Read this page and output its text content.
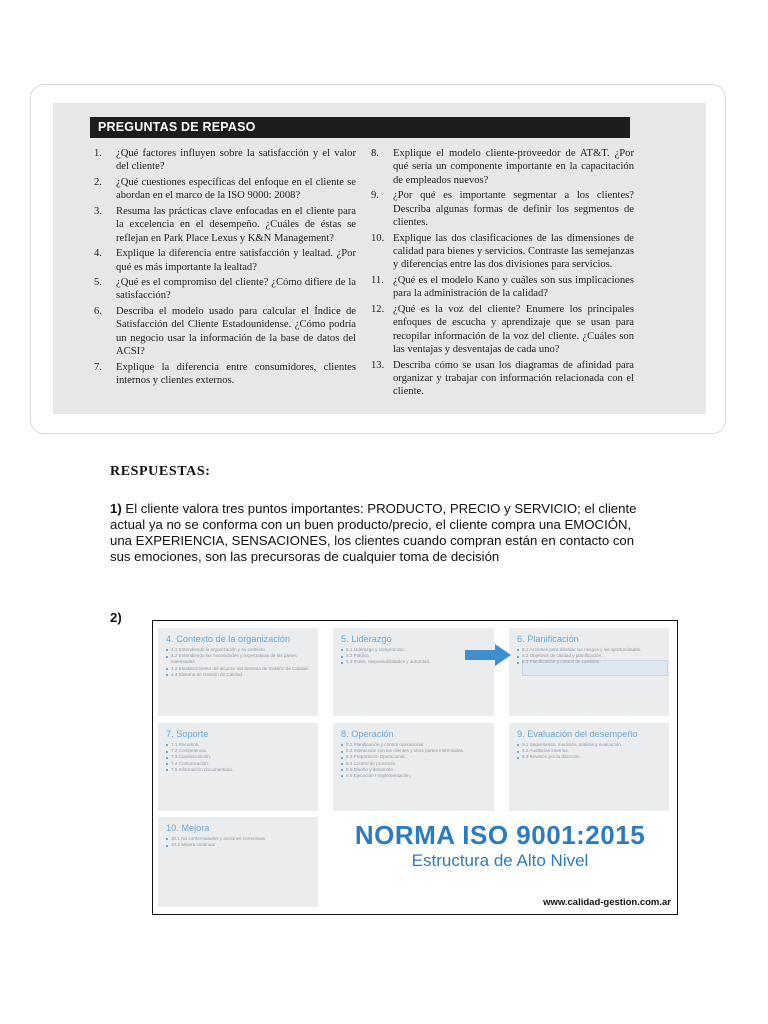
PREGUNTAS DE REPASO
1.	¿Qué factores influyen sobre la satisfacción y el valor del cliente?
2.	¿Qué cuestiones específicas del enfoque en el cliente se abordan en el marco de la ISO 9000: 2008?
3.	Resuma las prácticas clave enfocadas en el cliente para la excelencia en el desempeño. ¿Cuáles de éstas se reflejan en Park Place Lexus y K&N Management?
4.	Explique la diferencia entre satisfacción y lealtad. ¿Por qué es más importante la lealtad?
5.	¿Qué es el compromiso del cliente? ¿Cómo difiere de la satisfacción?
6.	Describa el modelo usado para calcular el Índice de Satisfacción del Cliente Estadounidense. ¿Cómo podría un negocio usar la información de la base de datos del ACSI?
7.	Explique la diferencia entre consumidores, clientes internos y clientes externos.
8.	Explique el modelo cliente-proveedor de AT&T. ¿Por qué sería un componente importante en la capacitación de empleados nuevos?
9.	¿Por qué es importante segmentar a los clientes? Describa algunas formas de definir los segmentos de clientes.
10. Explique las dos clasificaciones de las dimensiones de calidad para bienes y servicios. Contraste las semejanzas y diferencias entre las dos divisiones para servicios.
11. ¿Qué es el modelo Kano y cuáles son sus implicaciones para la administración de la calidad?
12. ¿Qué es la voz del cliente? Enumere los principales enfoques de escucha y aprendizaje que se usan para recopilar información de la voz del cliente. ¿Cuáles son las ventajas y desventajas de cada uno?
13. Describa cómo se usan los diagramas de afinidad para organizar y trabajar con información relacionada con el cliente.
RESPUESTAS:

1) El cliente valora tres puntos importantes: PRODUCTO, PRECIO y SERVICIO; el cliente actual ya no se conforma con un buen producto/precio, el cliente compra una EMOCIÓN, una EXPERIENCIA, SENSACIONES, los clientes cuando compran están en contacto con sus emociones, son las precursoras de cualquier toma de decisión

2)
4. Contexto de la organización
4.1 Entendiendo la organización y su contexto.
4.2 Entendiendo las necesidades y expectativas de las partes interesadas.
4.3 Establecimiento del alcance del Sistema de Gestión de Calidad.
4.4 Sistema de Gestión de Calidad.
5. Liderazgo
5.1 Liderazgo y compromiso.
5.2 Política.
5.3 Roles, responsabilidades y autoridad.
6. Planificación
6.1 Acciones para abordar los riesgos y las oportunidades.
6.2 Objetivos de calidad y planificación.
6.3 Planificación y control de cambios.
7. Soporte
7.1 Recursos.
7.2 Competencia.
7.3 Concienciación.
7.4 Comunicación.
7.5 Información documentada.
8. Operación
8.1 Planificación y control operacional.
8.2 Interacción con los clientes y otras partes interesadas.
8.3 Preparación Operacional.
8.4 Control de procesos.
8.5 Diseño y desarrollo.
8.6 Ejecución / Implementación.
9. Evaluación del desempeño
9.1 Seguimiento, medición, análisis y evaluación.
9.2 Auditorías internas.
9.3 Revisión por la dirección.
10. Mejora
10.1 No conformidades y acciones correctivas.
10.2 Mejora continua.	NORMA ISO 9001:2015
Estructura de Alto Nivel
www.calidad-gestion.com.ar
